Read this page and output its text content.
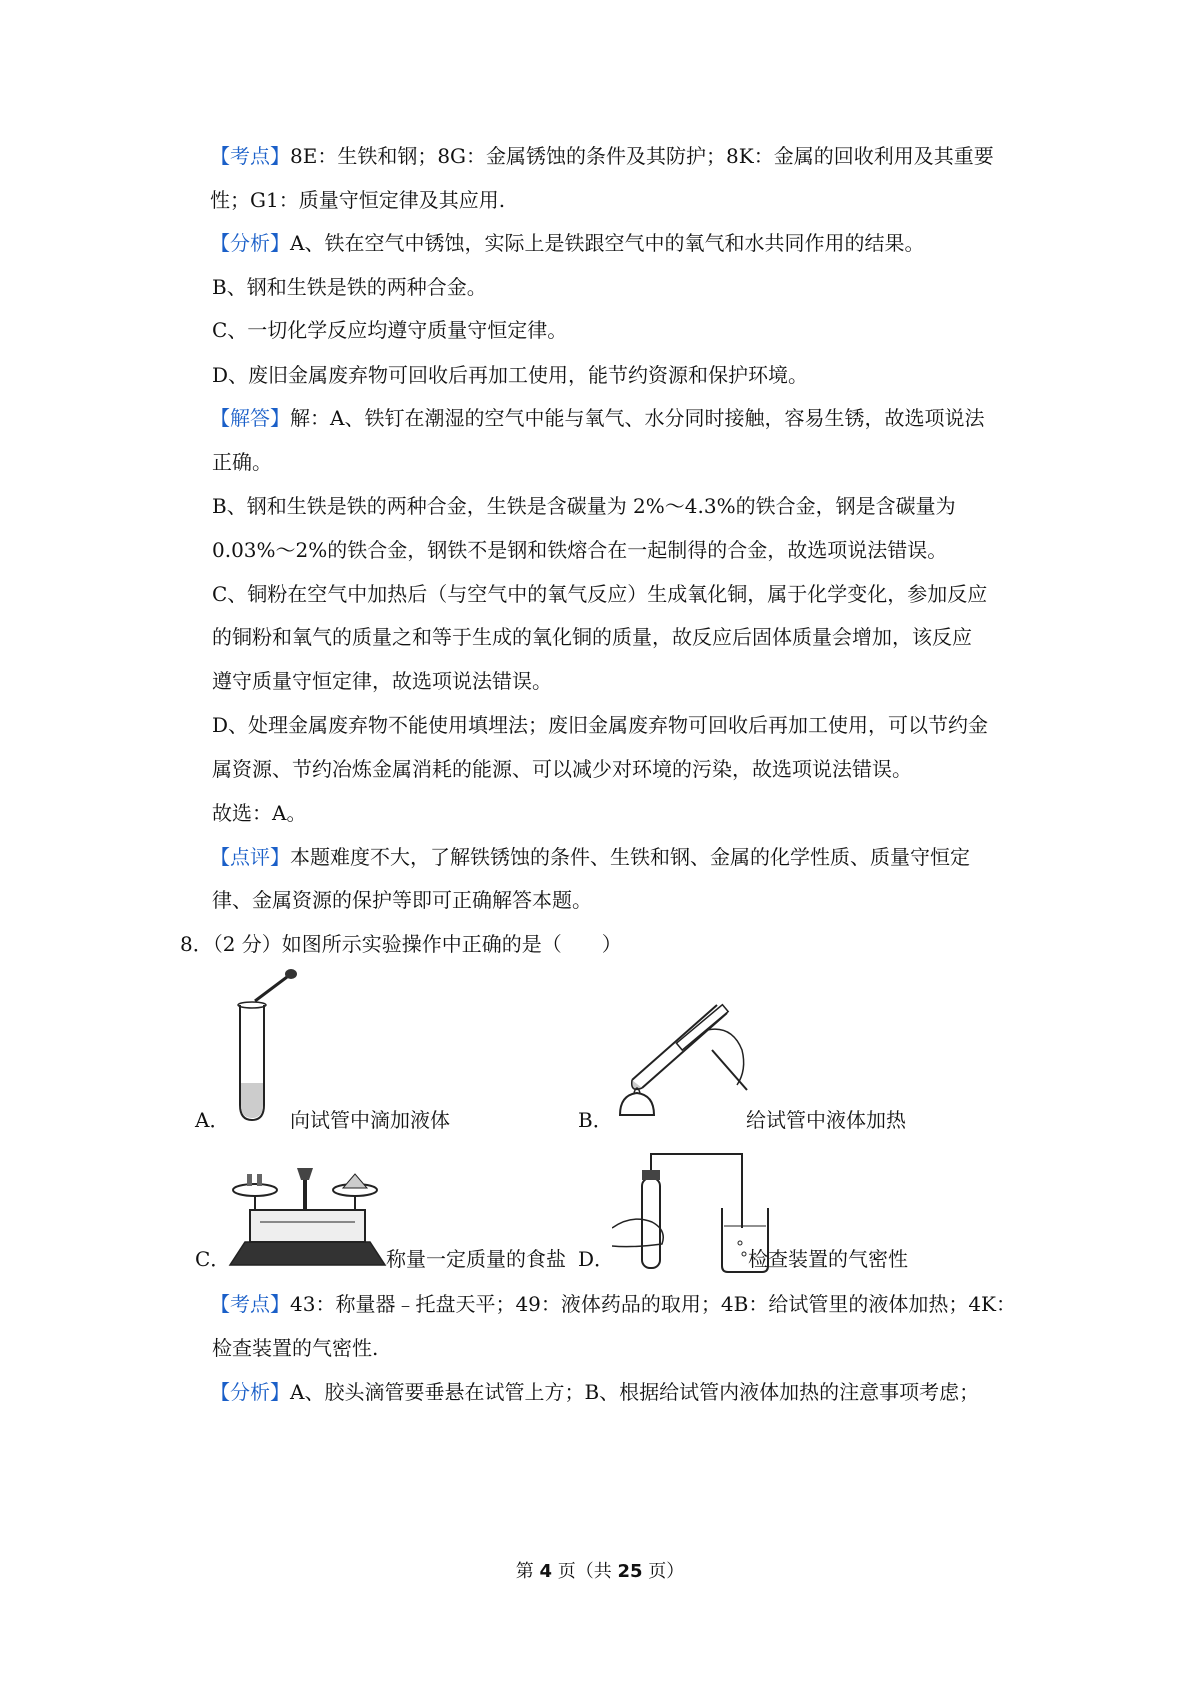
【考点】8E：生铁和钢；8G：金属锈蚀的条件及其防护；8K：金属的回收利用及其重要
性；G1：质量守恒定律及其应用.
【分析】A、铁在空气中锈蚀，实际上是铁跟空气中的氧气和水共同作用的结果。
B、钢和生铁是铁的两种合金。
C、一切化学反应均遵守质量守恒定律。
D、废旧金属废弃物可回收后再加工使用，能节约资源和保护环境。
【解答】解：A、铁钉在潮湿的空气中能与氧气、水分同时接触，容易生锈，故选项说法
正确。
B、钢和生铁是铁的两种合金，生铁是含碳量为 2%～4.3%的铁合金，钢是含碳量为
0.03%～2%的铁合金，钢铁不是钢和铁熔合在一起制得的合金，故选项说法错误。
C、铜粉在空气中加热后（与空气中的氧气反应）生成氧化铜，属于化学变化，参加反应
的铜粉和氧气的质量之和等于生成的氧化铜的质量，故反应后固体质量会增加，该反应
遵守质量守恒定律，故选项说法错误。
D、处理金属废弃物不能使用填埋法；废旧金属废弃物可回收后再加工使用，可以节约金
属资源、节约冶炼金属消耗的能源、可以减少对环境的污染，故选项说法错误。
故选：A。
【点评】本题难度不大，了解铁锈蚀的条件、生铁和钢、金属的化学性质、质量守恒定
律、金属资源的保护等即可正确解答本题。
8．（2 分）如图所示实验操作中正确的是（　　）
A．	向试管中滴加液体	B．	给试管中液体加热
C．	称量一定质量的食盐 D．	检查装置的气密性
【考点】43：称量器﹣托盘天平；49：液体药品的取用；4B：给试管里的液体加热；4K：
检查装置的气密性.
【分析】A、胶头滴管要垂悬在试管上方；B、根据给试管内液体加热的注意事项考虑；
第 4 页（共 25 页）
